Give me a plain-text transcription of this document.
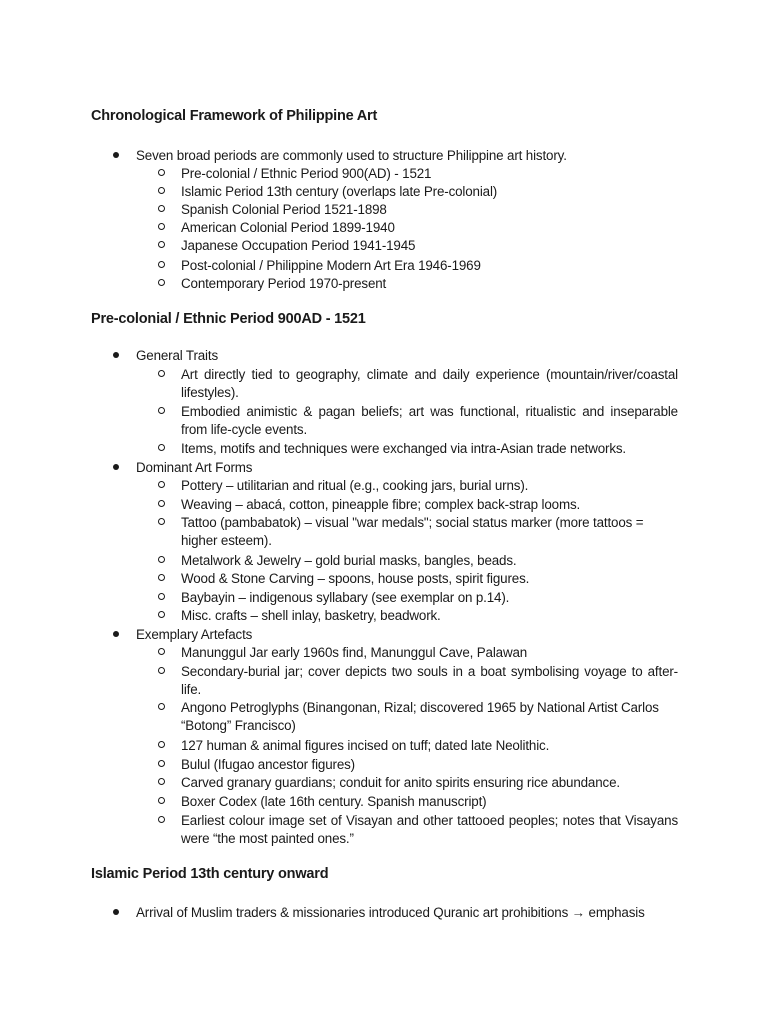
Chronological Framework of Philippine Art
Seven broad periods are commonly used to structure Philippine art history.
Pre-colonial / Ethnic Period 900(AD) - 1521
Islamic Period 13th century (overlaps late Pre-colonial)
Spanish Colonial Period 1521-1898
American Colonial Period 1899-1940
Japanese Occupation Period 1941-1945
Post-colonial / Philippine Modern Art Era 1946-1969
Contemporary Period 1970-present
Pre-colonial / Ethnic Period 900AD - 1521
General Traits
Art directly tied to geography, climate and daily experience (mountain/river/coastal lifestyles).
Embodied animistic & pagan beliefs; art was functional, ritualistic and inseparable from life-cycle events.
Items, motifs and techniques were exchanged via intra-Asian trade networks.
Dominant Art Forms
Pottery – utilitarian and ritual (e.g., cooking jars, burial urns).
Weaving – abacá, cotton, pineapple fibre; complex back-strap looms.
Tattoo (pambabatok) – visual "war medals"; social status marker (more tattoos = higher esteem).
Metalwork & Jewelry – gold burial masks, bangles, beads.
Wood & Stone Carving – spoons, house posts, spirit figures.
Baybayin – indigenous syllabary (see exemplar on p.14).
Misc. crafts – shell inlay, basketry, beadwork.
Exemplary Artefacts
Manunggul Jar early 1960s find, Manunggul Cave, Palawan
Secondary-burial jar; cover depicts two souls in a boat symbolising voyage to after-life.
Angono Petroglyphs (Binangonan, Rizal; discovered 1965 by National Artist Carlos “Botong” Francisco)
127 human & animal figures incised on tuff; dated late Neolithic.
Bulul (Ifugao ancestor figures)
Carved granary guardians; conduit for anito spirits ensuring rice abundance.
Boxer Codex (late 16th century. Spanish manuscript)
Earliest colour image set of Visayan and other tattooed peoples; notes that Visayans were “the most painted ones.”
Islamic Period 13th century onward
Arrival of Muslim traders & missionaries introduced Quranic art prohibitions → emphasis
